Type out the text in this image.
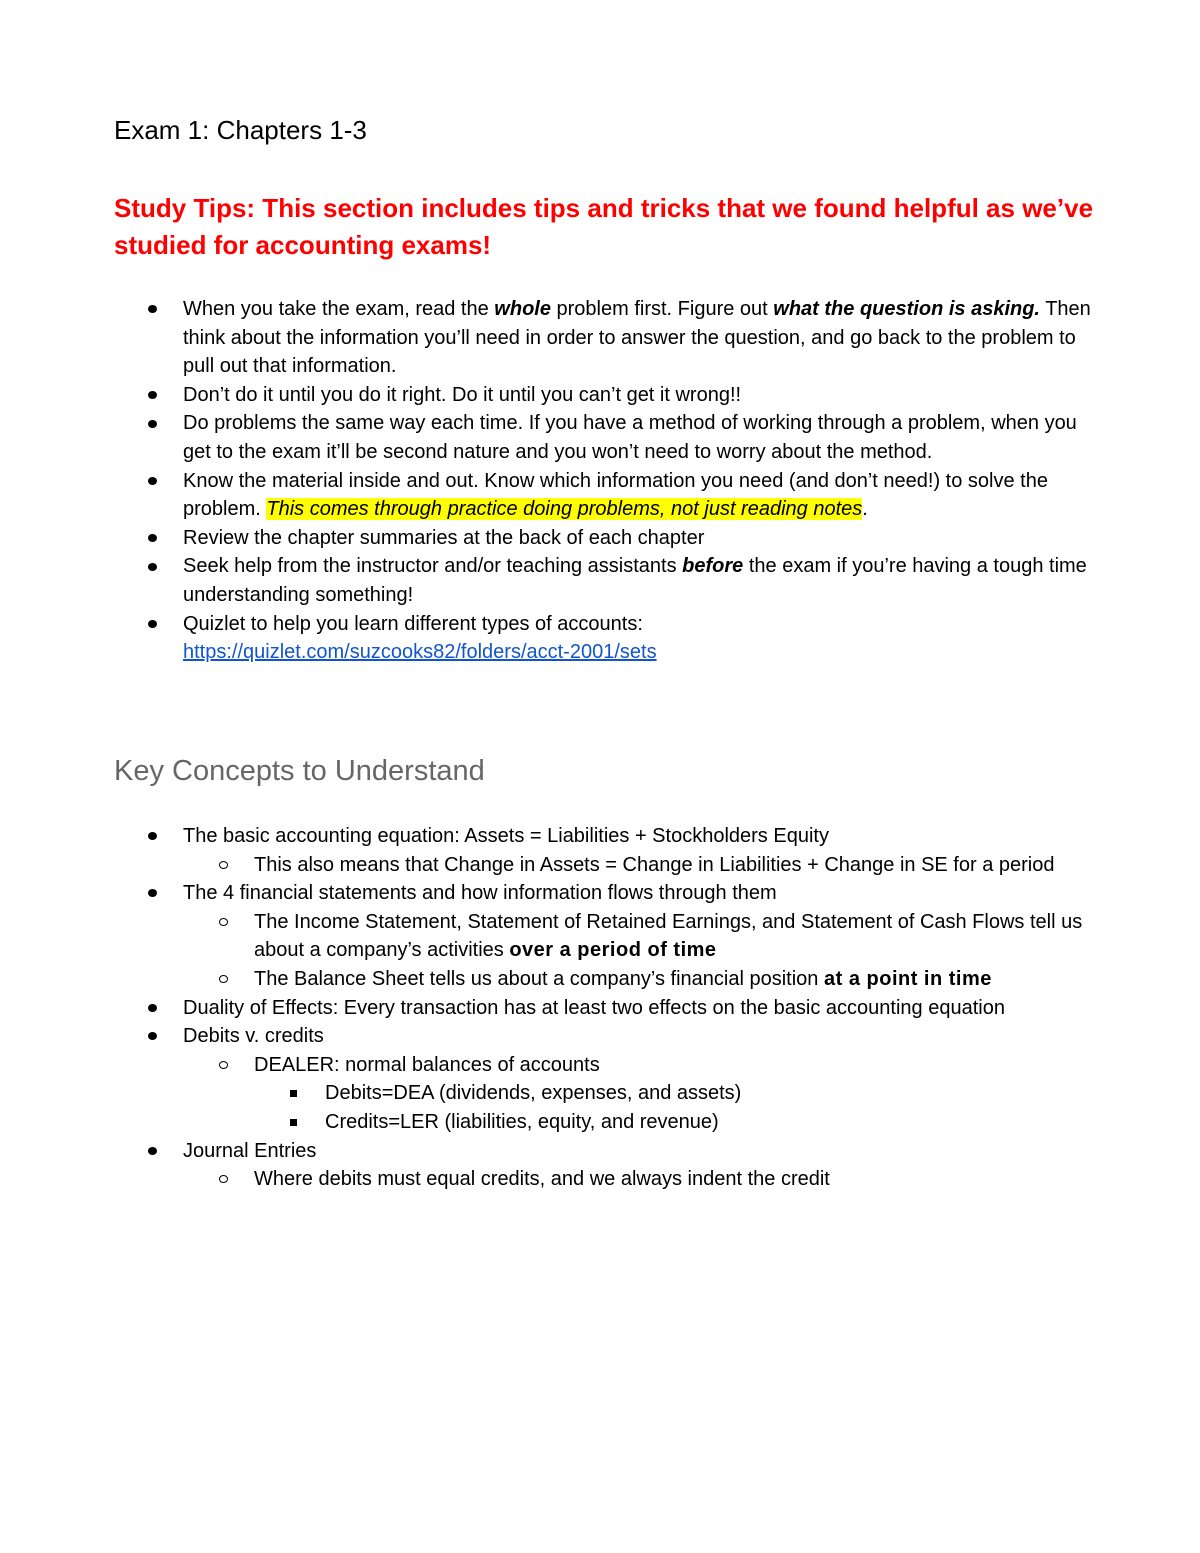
Exam 1: Chapters 1-3
Study Tips: This section includes tips and tricks that we found helpful as we’ve studied for accounting exams!
When you take the exam, read the whole problem first. Figure out what the question is asking. Then think about the information you’ll need in order to answer the question, and go back to the problem to pull out that information.
Don’t do it until you do it right. Do it until you can’t get it wrong!!
Do problems the same way each time. If you have a method of working through a problem, when you get to the exam it’ll be second nature and you won’t need to worry about the method.
Know the material inside and out. Know which information you need (and don’t need!) to solve the problem. This comes through practice doing problems, not just reading notes.
Review the chapter summaries at the back of each chapter
Seek help from the instructor and/or teaching assistants before the exam if you’re having a tough time understanding something!
Quizlet to help you learn different types of accounts:
https://quizlet.com/suzcooks82/folders/acct-2001/sets
Key Concepts to Understand
The basic accounting equation: Assets = Liabilities + Stockholders Equity
This also means that Change in Assets = Change in Liabilities + Change in SE for a period
The 4 financial statements and how information flows through them
The Income Statement, Statement of Retained Earnings, and Statement of Cash Flows tell us about a company’s activities over a period of time
The Balance Sheet tells us about a company’s financial position at a point in time
Duality of Effects: Every transaction has at least two effects on the basic accounting equation
Debits v. credits
DEALER: normal balances of accounts
Debits=DEA (dividends, expenses, and assets)
Credits=LER (liabilities, equity, and revenue)
Journal Entries
Where debits must equal credits, and we always indent the credit
